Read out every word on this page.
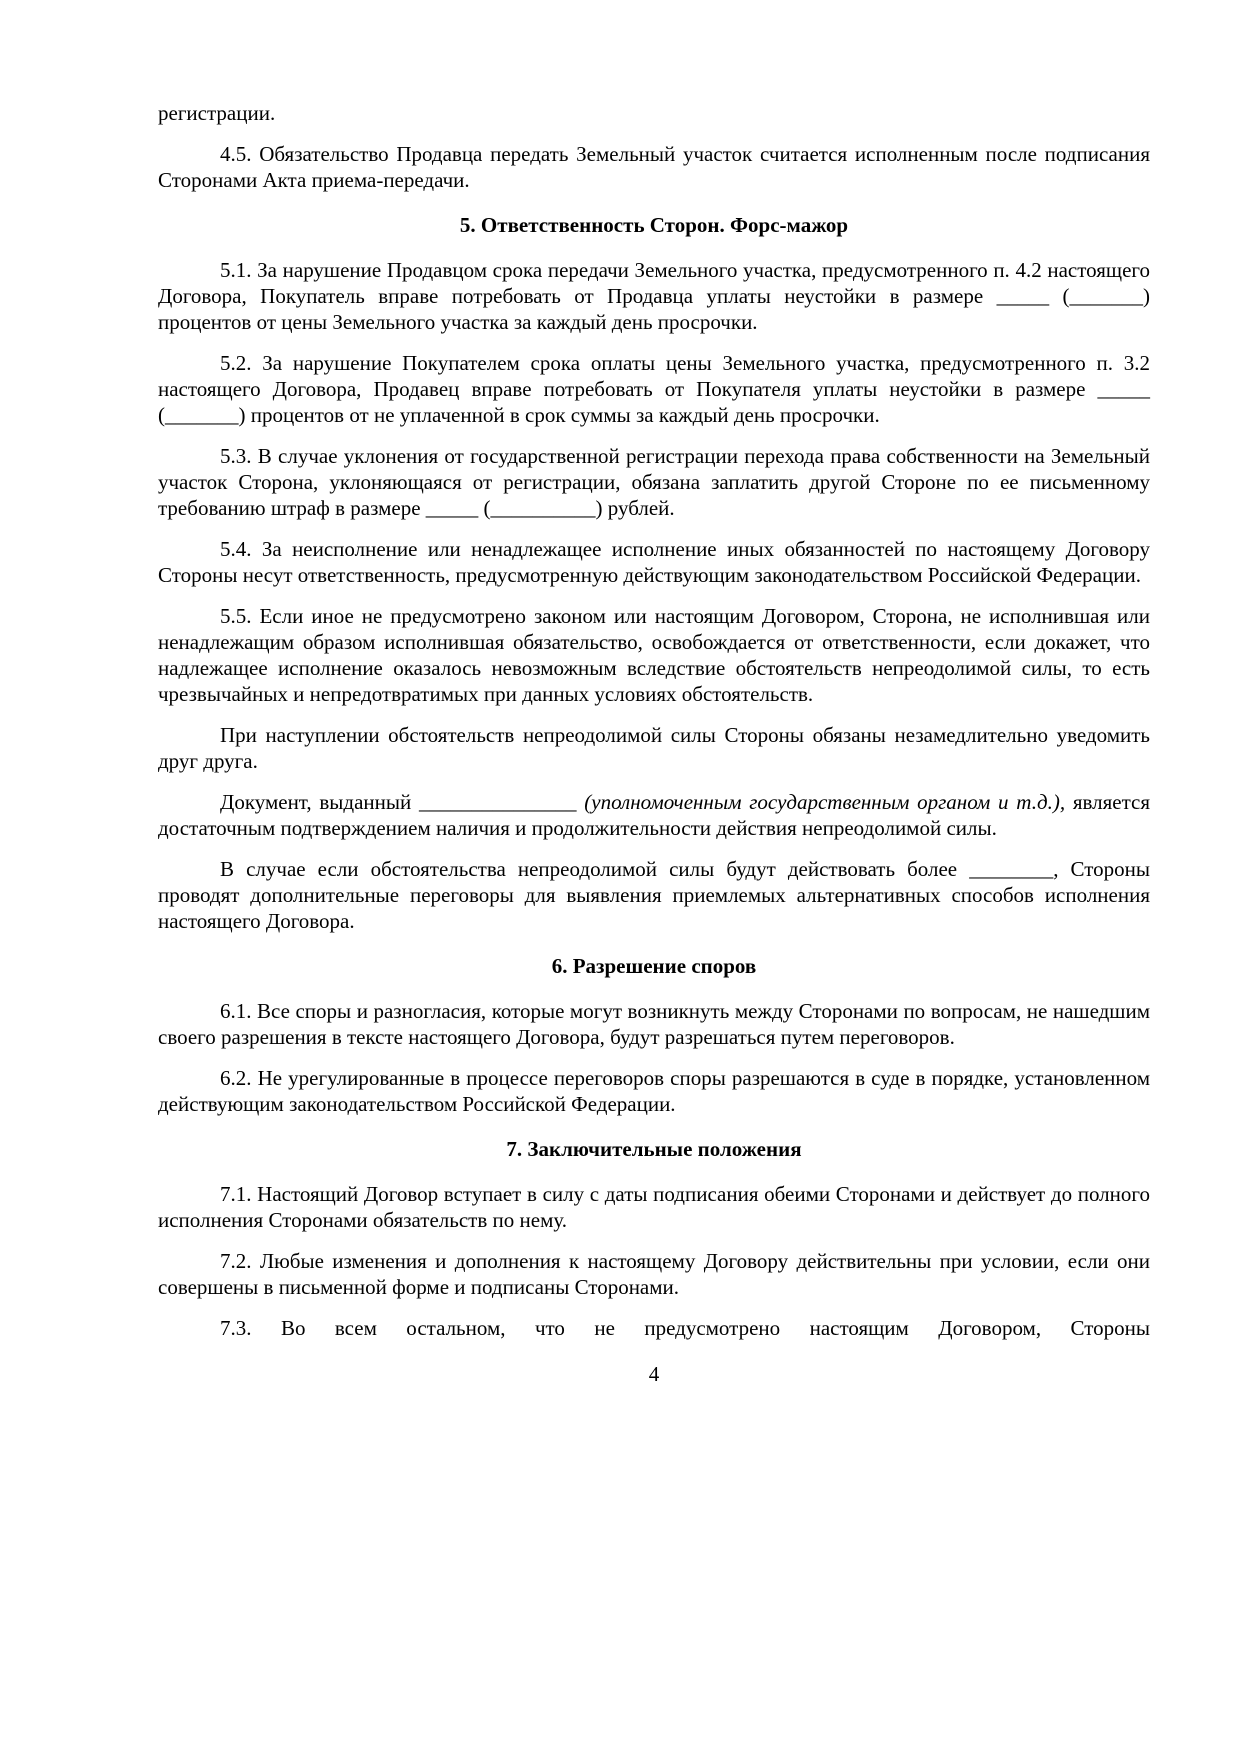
регистрации.

4.5. Обязательство Продавца передать Земельный участок считается исполненным после подписания Сторонами Акта приема-передачи.

5. Ответственность Сторон. Форс-мажор

5.1. За нарушение Продавцом срока передачи Земельного участка, предусмотренного п. 4.2 настоящего Договора, Покупатель вправе потребовать от Продавца уплаты неустойки в размере _____ (_______) процентов от цены Земельного участка за каждый день просрочки.

5.2. За нарушение Покупателем срока оплаты цены Земельного участка, предусмотренного п. 3.2 настоящего Договора, Продавец вправе потребовать от Покупателя уплаты неустойки в размере _____ (_______) процентов от не уплаченной в срок суммы за каждый день просрочки.

5.3. В случае уклонения от государственной регистрации перехода права собственности на Земельный участок Сторона, уклоняющаяся от регистрации, обязана заплатить другой Стороне по ее письменному требованию штраф в размере _____ (__________) рублей.

5.4. За неисполнение или ненадлежащее исполнение иных обязанностей по настоящему Договору Стороны несут ответственность, предусмотренную действующим законодательством Российской Федерации.

5.5. Если иное не предусмотрено законом или настоящим Договором, Сторона, не исполнившая или ненадлежащим образом исполнившая обязательство, освобождается от ответственности, если докажет, что надлежащее исполнение оказалось невозможным вследствие обстоятельств непреодолимой силы, то есть чрезвычайных и непредотвратимых при данных условиях обстоятельств.

При наступлении обстоятельств непреодолимой силы Стороны обязаны незамедлительно уведомить друг друга.

Документ, выданный _______________ (уполномоченным государственным органом и т.д.), является достаточным подтверждением наличия и продолжительности действия непреодолимой силы.

В случае если обстоятельства непреодолимой силы будут действовать более ________, Стороны проводят дополнительные переговоры для выявления приемлемых альтернативных способов исполнения настоящего Договора.

6. Разрешение споров

6.1. Все споры и разногласия, которые могут возникнуть между Сторонами по вопросам, не нашедшим своего разрешения в тексте настоящего Договора, будут разрешаться путем переговоров.

6.2. Не урегулированные в процессе переговоров споры разрешаются в суде в порядке, установленном действующим законодательством Российской Федерации.

7. Заключительные положения

7.1. Настоящий Договор вступает в силу с даты подписания обеими Сторонами и действует до полного исполнения Сторонами обязательств по нему.

7.2. Любые изменения и дополнения к настоящему Договору действительны при условии, если они совершены в письменной форме и подписаны Сторонами.

7.3. Во всем остальном, что не предусмотрено настоящим Договором, Стороны

4
